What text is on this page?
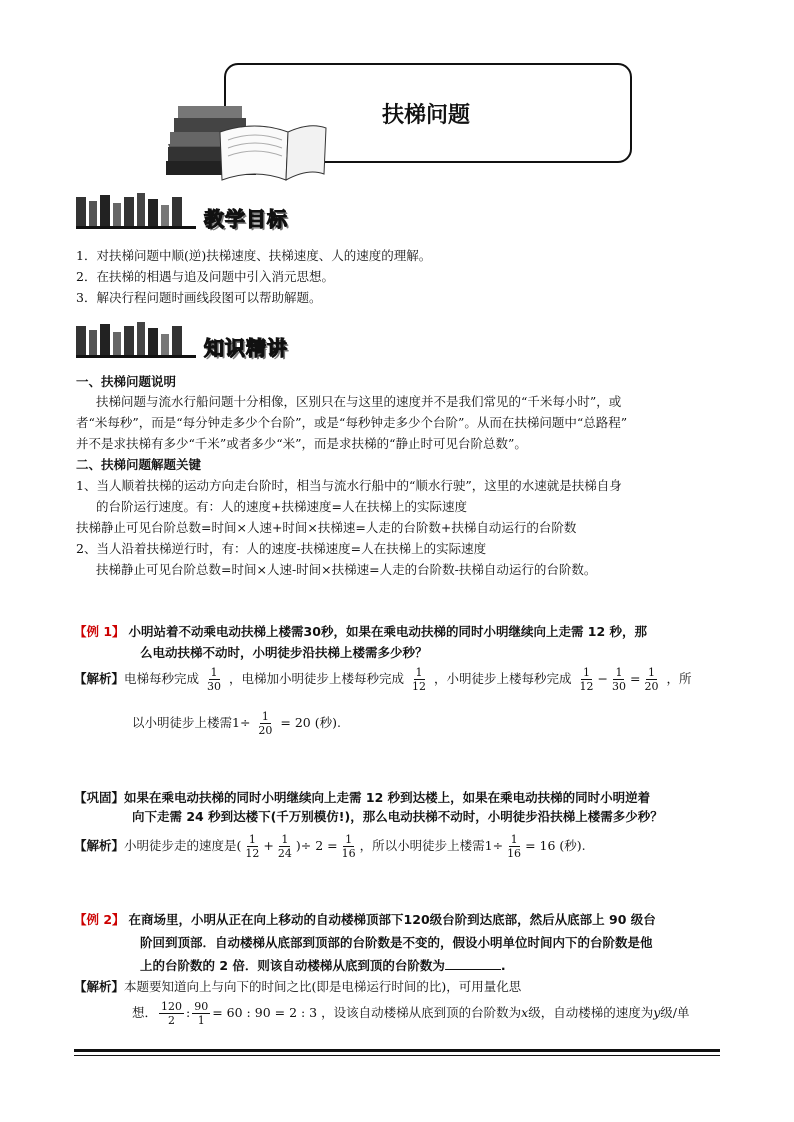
扶梯问题
教学目标
1．对扶梯问题中顺(逆)扶梯速度、扶梯速度、人的速度的理解。
2．在扶梯的相遇与追及问题中引入消元思想。
3．解决行程问题时画线段图可以帮助解题。
知识精讲
一、扶梯问题说明
扶梯问题与流水行船问题十分相像，区别只在与这里的速度并不是我们常见的“千米每小时”，或
者“米每秒”，而是“每分钟走多少个台阶”，或是“每秒钟走多少个台阶”。从而在扶梯问题中“总路程”
并不是求扶梯有多少“千米”或者多少“米”，而是求扶梯的“静止时可见台阶总数”。
二、扶梯问题解题关键
1、当人顺着扶梯的运动方向走台阶时，相当与流水行船中的“顺水行驶”，这里的水速就是扶梯自身
的台阶运行速度。有：人的速度+扶梯速度=人在扶梯上的实际速度
扶梯静止可见台阶总数=时间×人速+时间×扶梯速=人走的台阶数+扶梯自动运行的台阶数
2、当人沿着扶梯逆行时，有：人的速度-扶梯速度=人在扶梯上的实际速度
扶梯静止可见台阶总数=时间×人速-时间×扶梯速=人走的台阶数-扶梯自动运行的台阶数。
【例 1】 小明站着不动乘电动扶梯上楼需30秒，如果在乘电动扶梯的同时小明继续向上走需 12 秒，那
么电动扶梯不动时，小明徒步沿扶梯上楼需多少秒？
【解析】电梯每秒完成 $\frac{1}{30}$ ，电梯加小明徒步上楼每秒完成 $\frac{1}{12}$ ，小明徒步上楼每秒完成 $\frac{1}{12} - \frac{1}{30} = \frac{1}{20}$ ，所
以小明徒步上楼需$1\div \frac{1}{20} = 20$ (秒).
【巩固】如果在乘电动扶梯的同时小明继续向上走需 12 秒到达楼上，如果在乘电动扶梯的同时小明逆着
向下走需 24 秒到达楼下(千万别模仿!)，那么电动扶梯不动时，小明徒步沿扶梯上楼需多少秒？
【解析】小明徒步走的速度是( $\frac{1}{12} + \frac{1}{24}$ )÷ $2 = \frac{1}{16}$ ，所以小明徒步上楼需$1\div \frac{1}{16} = 16$ (秒).
【例 2】 在商场里，小明从正在向上移动的自动楼梯顶部下120级台阶到达底部，然后从底部上 90 级台
阶回到顶部．自动楼梯从底部到顶部的台阶数是不变的，假设小明单位时间内下的台阶数是他
上的台阶数的 2 倍．则该自动楼梯从底到顶的台阶数为	.
【解析】本题要知道向上与向下的时间之比(即是电梯运行时间的比)，可用量化思
想． $\frac{120}{2}$ : $\frac{90}{1} = 60$ : 90 = 2 : 3 ，设该自动楼梯从底到顶的台阶数为x级，自动楼梯的速度为y级/单
